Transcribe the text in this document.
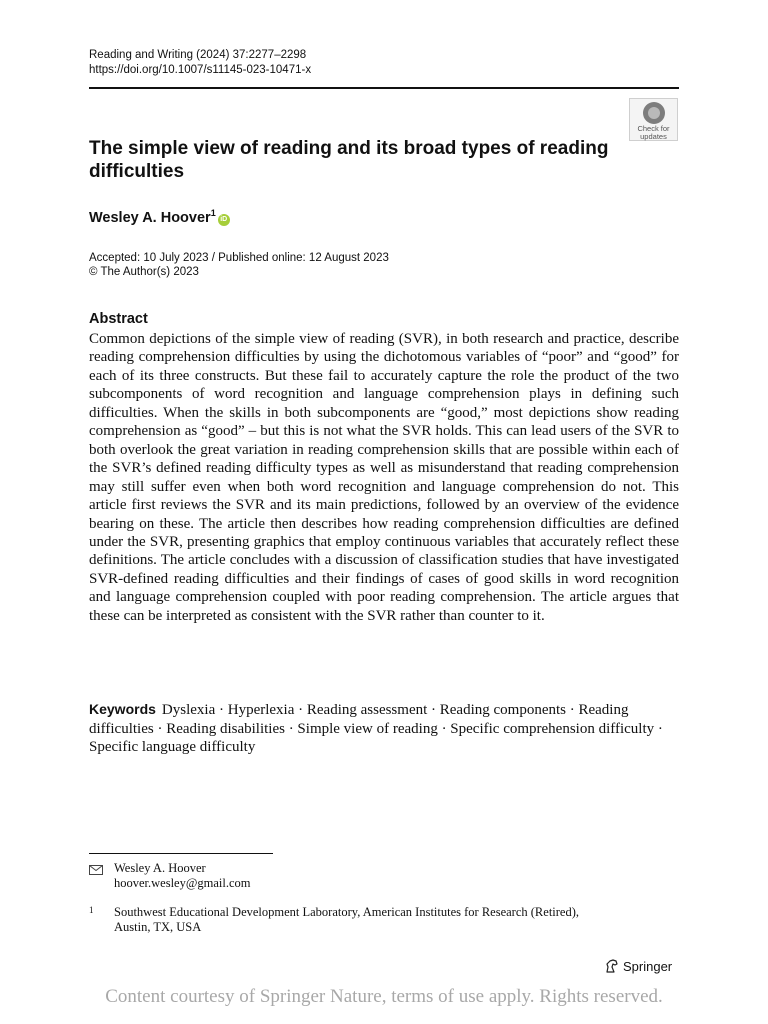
Reading and Writing (2024) 37:2277–2298
https://doi.org/10.1007/s11145-023-10471-x
Check for
updates
The simple view of reading and its broad types of reading difficulties
Wesley A. Hoover$^1$iD
Accepted: 10 July 2023 / Published online: 12 August 2023
© The Author(s) 2023
Abstract
Common depictions of the simple view of reading (SVR), in both research and practice, describe reading comprehension difficulties by using the dichotomous variables of “poor” and “good” for each of its three constructs. But these fail to accurately capture the role the product of the two subcomponents of word recognition and language comprehension plays in defining such difficulties. When the skills in both subcomponents are “good,” most depictions show reading comprehension as “good” – but this is not what the SVR holds. This can lead users of the SVR to both overlook the great variation in reading comprehension skills that are possible within each of the SVR’s defined reading difficulty types as well as misunderstand that reading comprehension may still suffer even when both word recognition and language comprehension do not. This article first reviews the SVR and its main predictions, followed by an overview of the evidence bearing on these. The article then describes how reading comprehension difficulties are defined under the SVR, presenting graphics that employ continuous variables that accurately reflect these definitions. The article concludes with a discussion of classification studies that have investigated SVR-defined reading difficulties and their findings of cases of good skills in word recognition and language comprehension coupled with poor reading comprehension. The article argues that these can be interpreted as consistent with the SVR rather than counter to it.
Keywords Dyslexia · Hyperlexia · Reading assessment · Reading components · Reading difficulties · Reading disabilities · Simple view of reading · Specific comprehension difficulty · Specific language difficulty
Wesley A. Hoover
hoover.wesley@gmail.com
1 Southwest Educational Development Laboratory, American Institutes for Research (Retired),
Austin, TX, USA
Springer
Content courtesy of Springer Nature, terms of use apply. Rights reserved.
